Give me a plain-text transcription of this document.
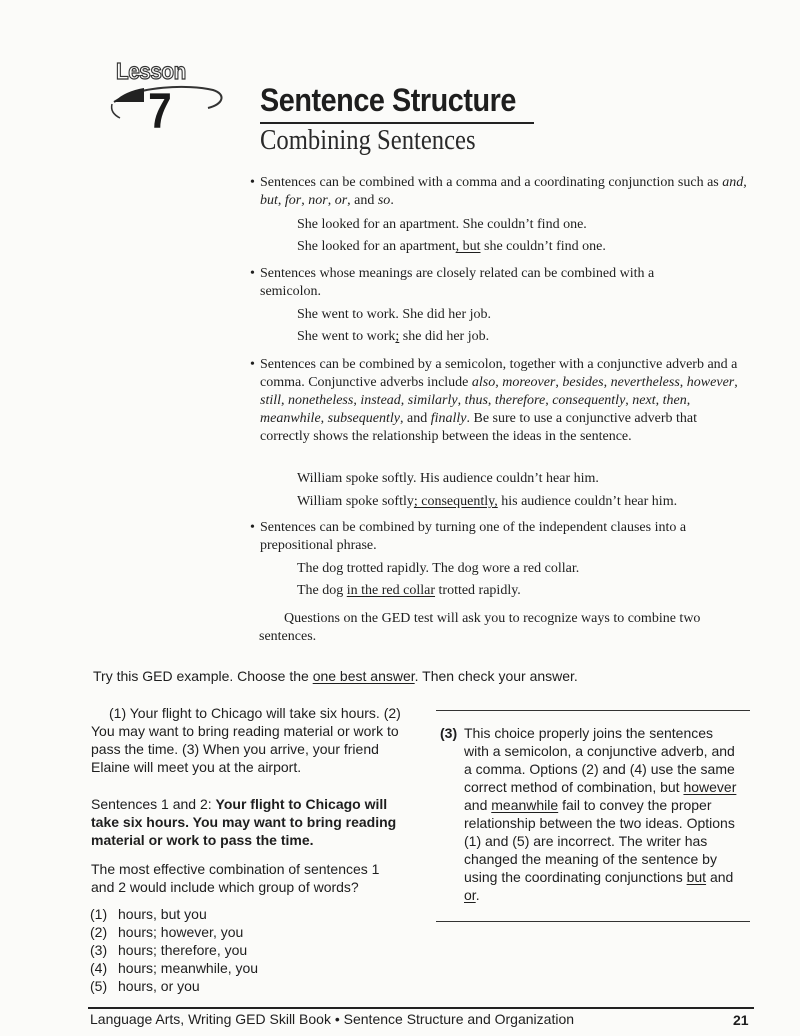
Lesson
7	Sentence Structure
Combining Sentences
• Sentences can be combined with a comma and a coordinating conjunction such as and, but, for, nor, or, and so.
She looked for an apartment. She couldn’t find one.
She looked for an apartment, but she couldn’t find one.
• Sentences whose meanings are closely related can be combined with a semicolon.
She went to work. She did her job.
She went to work; she did her job.
• Sentences can be combined by a semicolon, together with a conjunctive adverb and a comma. Conjunctive adverbs include also, moreover, besides, nevertheless, however, still, nonetheless, instead, similarly, thus, therefore, consequently, next, then, meanwhile, subsequently, and finally. Be sure to use a conjunctive adverb that correctly shows the relationship between the ideas in the sentence.
William spoke softly. His audience couldn’t hear him.
William spoke softly; consequently, his audience couldn’t hear him.
• Sentences can be combined by turning one of the independent clauses into a prepositional phrase.
The dog trotted rapidly. The dog wore a red collar.
The dog in the red collar trotted rapidly.
Questions on the GED test will ask you to recognize ways to combine two sentences.
Try this GED example. Choose the one best answer. Then check your answer.
(1) Your flight to Chicago will take six hours. (2) You may want to bring reading material or work to pass the time. (3) When you arrive, your friend Elaine will meet you at the airport.
Sentences 1 and 2: Your flight to Chicago will take six hours. You may want to bring reading material or work to pass the time.
The most effective combination of sentences 1 and 2 would include which group of words?
(1) hours, but you
(2) hours; however, you
(3) hours; therefore, you
(4) hours; meanwhile, you
(5) hours, or you
(3) This choice properly joins the sentences with a semicolon, a conjunctive adverb, and a comma. Options (2) and (4) use the same correct method of combination, but however and meanwhile fail to convey the proper relationship between the two ideas. Options (1) and (5) are incorrect. The writer has changed the meaning of the sentence by using the coordinating conjunctions but and or.
Language Arts, Writing GED Skill Book • Sentence Structure and Organization	21
